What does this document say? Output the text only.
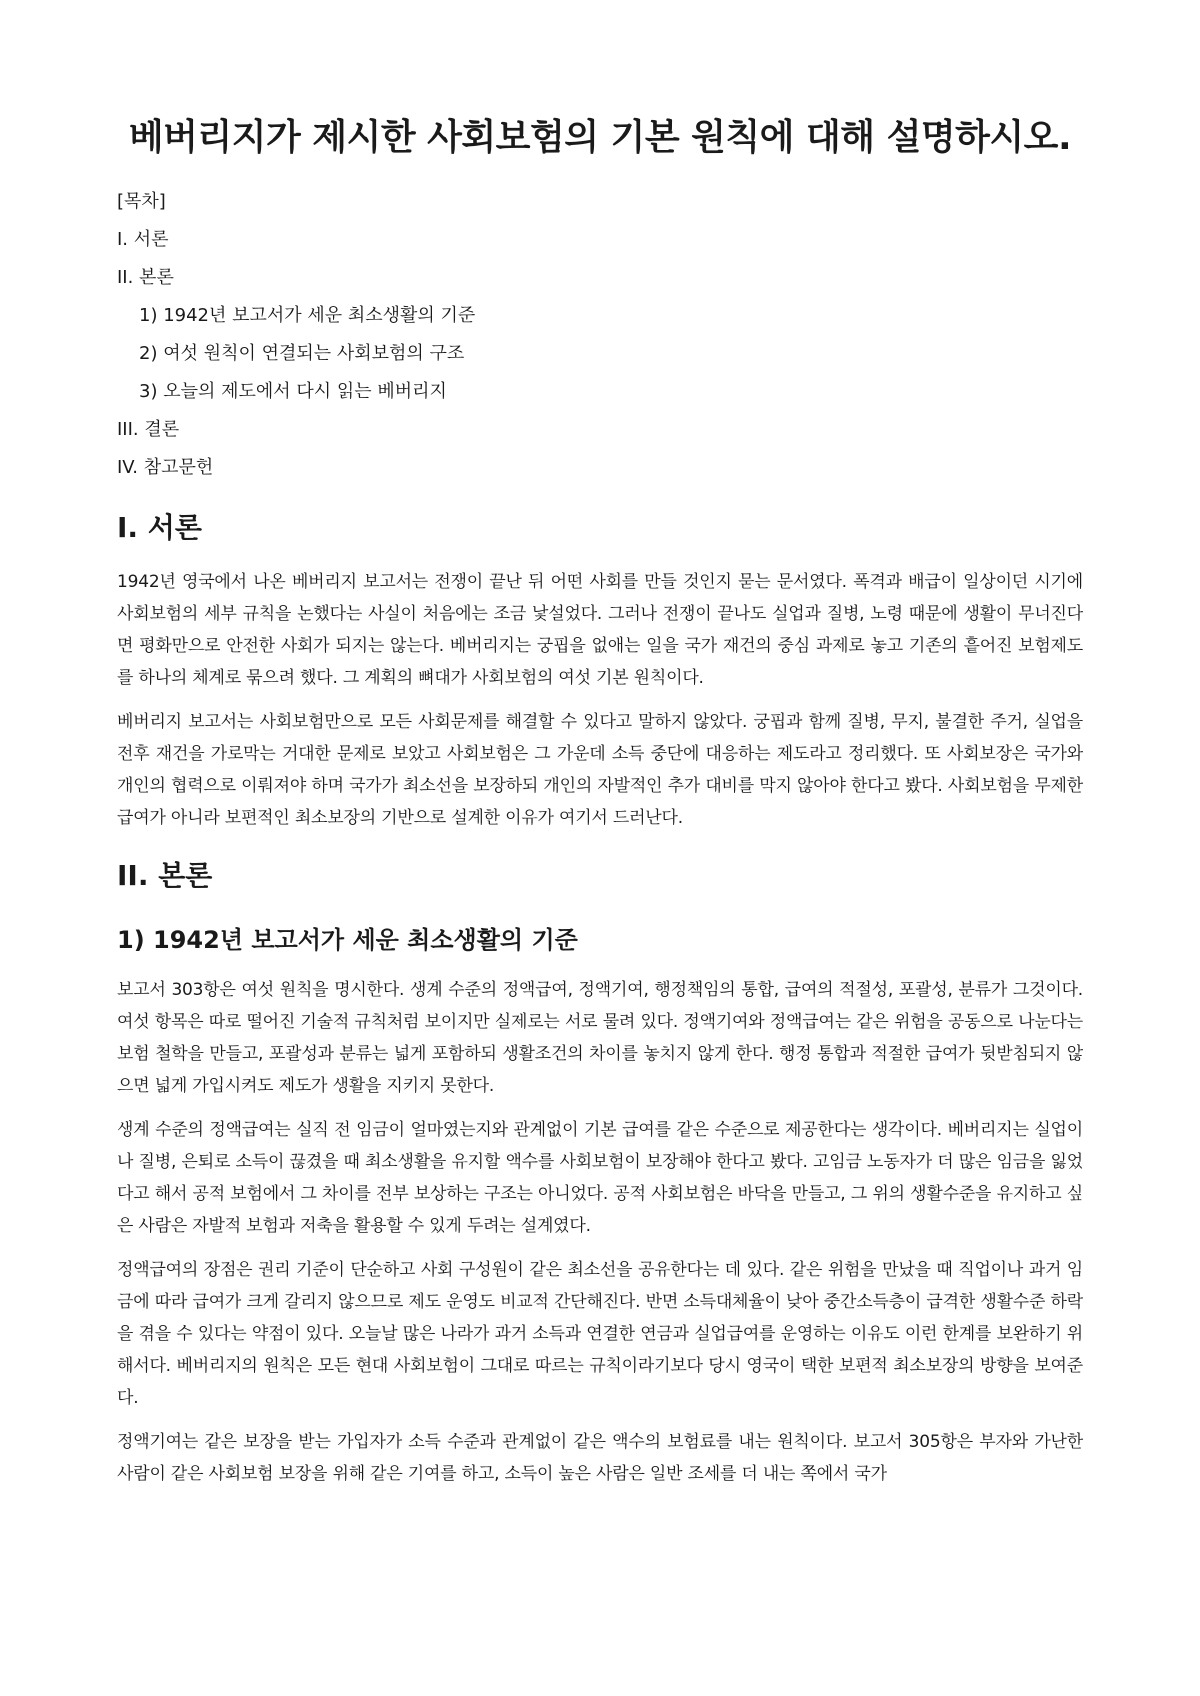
베버리지가 제시한 사회보험의 기본 원칙에 대해 설명하시오.
[목차]
I. 서론
II. 본론
1) 1942년 보고서가 세운 최소생활의 기준
2) 여섯 원칙이 연결되는 사회보험의 구조
3) 오늘의 제도에서 다시 읽는 베버리지
III. 결론
IV. 참고문헌
I. 서론

1942년 영국에서 나온 베버리지 보고서는 전쟁이 끝난 뒤 어떤 사회를 만들 것인지 묻는 문서였다. 폭격과 배급이 일상이던 시기에 사회보험의 세부 규칙을 논했다는 사실이 처음에는 조금 낯설었다. 그러나 전쟁이 끝나도 실업과 질병, 노령 때문에 생활이 무너진다면 평화만으로 안전한 사회가 되지는 않는다. 베버리지는 궁핍을 없애는 일을 국가 재건의 중심 과제로 놓고 기존의 흩어진 보험제도를 하나의 체계로 묶으려 했다. 그 계획의 뼈대가 사회보험의 여섯 기본 원칙이다.

베버리지 보고서는 사회보험만으로 모든 사회문제를 해결할 수 있다고 말하지 않았다. 궁핍과 함께 질병, 무지, 불결한 주거, 실업을 전후 재건을 가로막는 거대한 문제로 보았고 사회보험은 그 가운데 소득 중단에 대응하는 제도라고 정리했다. 또 사회보장은 국가와 개인의 협력으로 이뤄져야 하며 국가가 최소선을 보장하되 개인의 자발적인 추가 대비를 막지 않아야 한다고 봤다. 사회보험을 무제한 급여가 아니라 보편적인 최소보장의 기반으로 설계한 이유가 여기서 드러난다.

II. 본론
1) 1942년 보고서가 세운 최소생활의 기준

보고서 303항은 여섯 원칙을 명시한다. 생계 수준의 정액급여, 정액기여, 행정책임의 통합, 급여의 적절성, 포괄성, 분류가 그것이다. 여섯 항목은 따로 떨어진 기술적 규칙처럼 보이지만 실제로는 서로 물려 있다. 정액기여와 정액급여는 같은 위험을 공동으로 나눈다는 보험 철학을 만들고, 포괄성과 분류는 넓게 포함하되 생활조건의 차이를 놓치지 않게 한다. 행정 통합과 적절한 급여가 뒷받침되지 않으면 넓게 가입시켜도 제도가 생활을 지키지 못한다.

생계 수준의 정액급여는 실직 전 임금이 얼마였는지와 관계없이 기본 급여를 같은 수준으로 제공한다는 생각이다. 베버리지는 실업이나 질병, 은퇴로 소득이 끊겼을 때 최소생활을 유지할 액수를 사회보험이 보장해야 한다고 봤다. 고임금 노동자가 더 많은 임금을 잃었다고 해서 공적 보험에서 그 차이를 전부 보상하는 구조는 아니었다. 공적 사회보험은 바닥을 만들고, 그 위의 생활수준을 유지하고 싶은 사람은 자발적 보험과 저축을 활용할 수 있게 두려는 설계였다.

정액급여의 장점은 권리 기준이 단순하고 사회 구성원이 같은 최소선을 공유한다는 데 있다. 같은 위험을 만났을 때 직업이나 과거 임금에 따라 급여가 크게 갈리지 않으므로 제도 운영도 비교적 간단해진다. 반면 소득대체율이 낮아 중간소득층이 급격한 생활수준 하락을 겪을 수 있다는 약점이 있다. 오늘날 많은 나라가 과거 소득과 연결한 연금과 실업급여를 운영하는 이유도 이런 한계를 보완하기 위해서다. 베버리지의 원칙은 모든 현대 사회보험이 그대로 따르는 규칙이라기보다 당시 영국이 택한 보편적 최소보장의 방향을 보여준다.

정액기여는 같은 보장을 받는 가입자가 소득 수준과 관계없이 같은 액수의 보험료를 내는 원칙이다. 보고서 305항은 부자와 가난한 사람이 같은 사회보험 보장을 위해 같은 기여를 하고, 소득이 높은 사람은 일반 조세를 더 내는 쪽에서 국가
